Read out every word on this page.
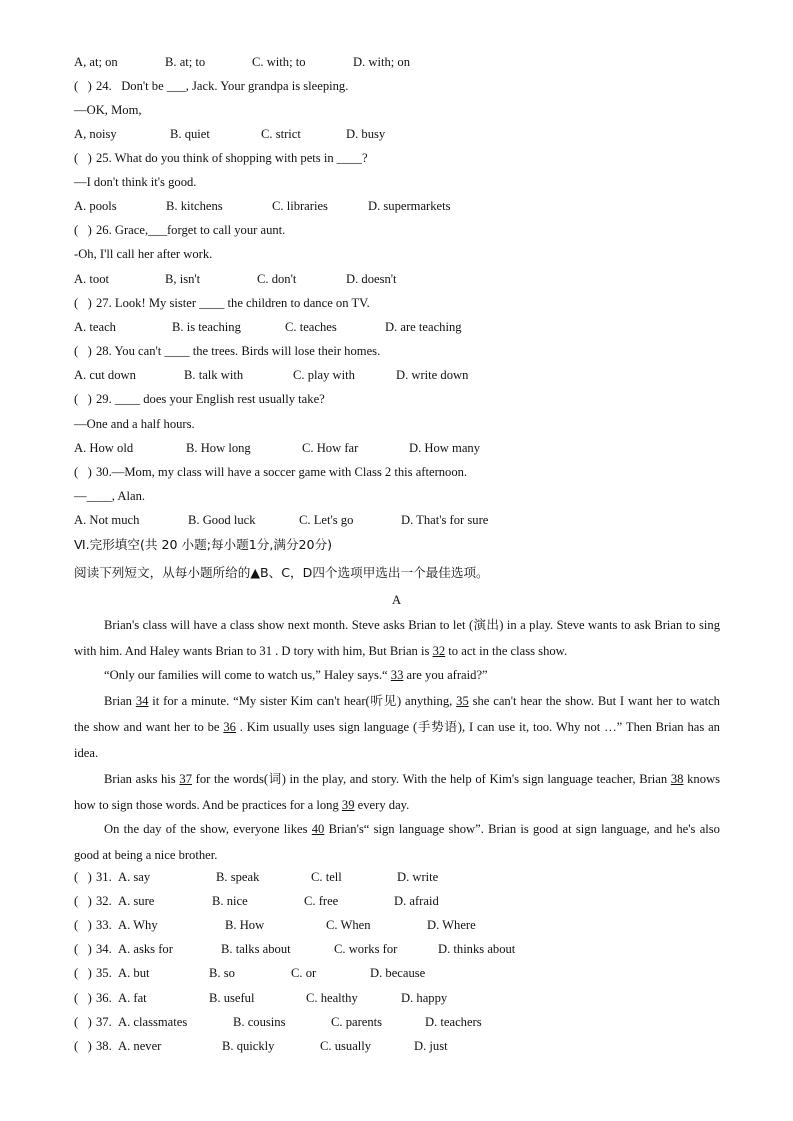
A, at; on	B. at; to	C. with; to	D. with; on
(   ) 24.   Don't be ___, Jack. Your grandpa is sleeping.
—OK, Mom,
A, noisy	B. quiet	C. strict	D. busy
(   ) 25. What do you think of shopping with pets in ____?
—I don't think it's good.
A. pools	B. kitchens	C. libraries	D. supermarkets
(   ) 26. Grace,___forget to call your aunt.
-Oh, I'll call her after work.
A. toot	B, isn't	C. don't	D. doesn't
(   ) 27. Look! My sister ____ the children to dance on TV.
A. teach	B. is teaching	C. teaches	D. are teaching
(   ) 28. You can't ____ the trees. Birds will lose their homes.
A. cut down	B. talk with	C. play with	D. write down
(   ) 29. ____ does your English rest usually take?
—One and a half hours.
A. How old	B. How long	C. How far	D. How many
(   ) 30.—Mom, my class will have a soccer game with Class 2 this afternoon.
—____, Alan.
A. Not much	B. Good luck	C. Let's go	D. That's for sure
Ⅵ.完形填空(共 20 小题;每小题1分,满分20分)
阅读下列短文，从每小题所给的▲B、C，D四个选项甲选出一个最佳选项。
A
Brian's class will have a class show next month. Steve asks Brian to let (演出) in a play. Steve wants to ask Brian to sing with him. And Haley wants Brian to 31 . D tory with him, But Brian is 32 to act in the class show.
“Only our families will come to watch us,” Haley says.“ 33 are you afraid?”
Brian 34 it for a minute. “My sister Kim can't hear(听见) anything, 35 she can't hear the show. But I want her to watch the show and want her to be 36 . Kim usually uses sign language (手势语), I can use it, too. Why not …” Then Brian has an idea.
Brian asks his 37 for the words(词) in the play, and story. With the help of Kim's sign language teacher, Brian 38 knows how to sign those words. And be practices for a long 39 every day.
On the day of the show, everyone likes 40 Brian's“ sign language show”. Brian is good at sign language, and he's also good at being a nice brother.
(   ) 31. A. say	B. speak	C. tell	D. write
(   ) 32. A. sure	B. nice	C. free	D. afraid
(   ) 33. A. Why	B. How	C. When	D. Where
(   ) 34. A. asks for	B. talks about	C. works for	D. thinks about
(   ) 35. A. but	B. so	C. or	D. because
(   ) 36. A. fat	B. useful	C. healthy	D. happy
(   ) 37. A. classmates	B. cousins	C. parents	D. teachers
(   ) 38. A. never	B. quickly	C. usually	D. just
